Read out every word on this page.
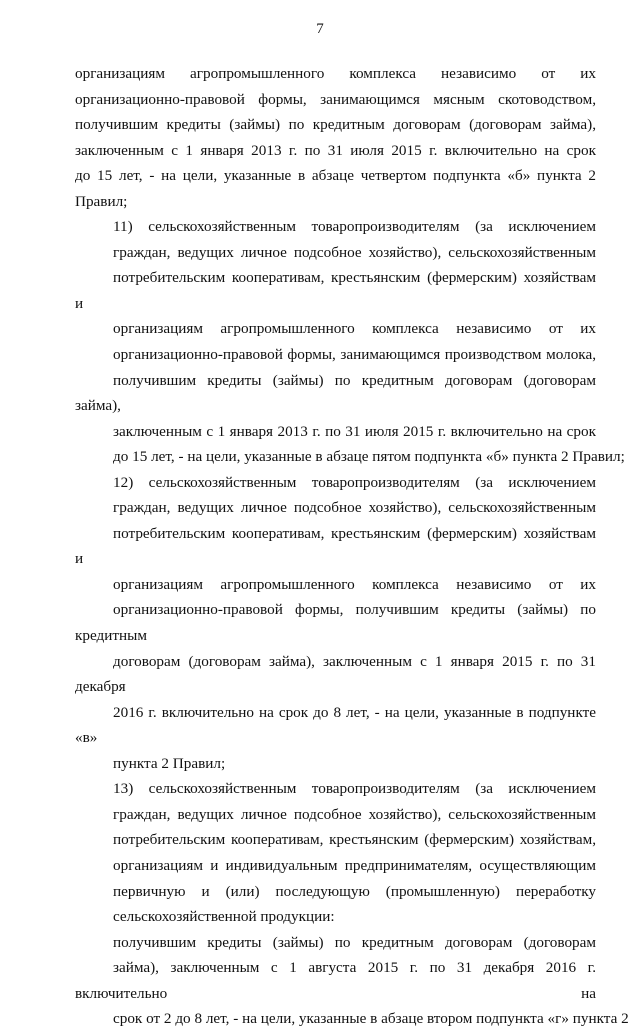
7

организациям агропромышленного комплекса независимо от их
организационно-правовой формы, занимающимся мясным скотоводством,
получившим кредиты (займы) по кредитным договорам (договорам займа),
заключенным с 1 января 2013 г. по 31 июля 2015 г. включительно на срок
до 15 лет, - на цели, указанные в абзаце четвертом подпункта «б» пункта 2
Правил;

11) сельскохозяйственным товаропроизводителям (за исключением
граждан, ведущих личное подсобное хозяйство), сельскохозяйственным
потребительским кооперативам, крестьянским (фермерским) хозяйствам и
организациям агропромышленного комплекса независимо от их
организационно-правовой формы, занимающимся производством молока,
получившим кредиты (займы) по кредитным договорам (договорам займа),
заключенным с 1 января 2013 г. по 31 июля 2015 г. включительно на срок
до 15 лет, - на цели, указанные в абзаце пятом подпункта «б» пункта 2 Правил;

12) сельскохозяйственным товаропроизводителям (за исключением
граждан, ведущих личное подсобное хозяйство), сельскохозяйственным
потребительским кооперативам, крестьянским (фермерским) хозяйствам и
организациям агропромышленного комплекса независимо от их
организационно-правовой формы, получившим кредиты (займы) по кредитным
договорам (договорам займа), заключенным с 1 января 2015 г. по 31 декабря
2016 г. включительно на срок до 8 лет, - на цели, указанные в подпункте «в»
пункта 2 Правил;

13) сельскохозяйственным товаропроизводителям (за исключением
граждан, ведущих личное подсобное хозяйство), сельскохозяйственным
потребительским кооперативам, крестьянским (фермерским) хозяйствам,
организациям и индивидуальным предпринимателям, осуществляющим
первичную и (или) последующую (промышленную) переработку
сельскохозяйственной продукции:

получившим кредиты (займы) по кредитным договорам (договорам
займа), заключенным с 1 августа 2015 г. по 31 декабря 2016 г. включительно на
срок от 2 до 8 лет, - на цели, указанные в абзаце втором подпункта «г» пункта 2
